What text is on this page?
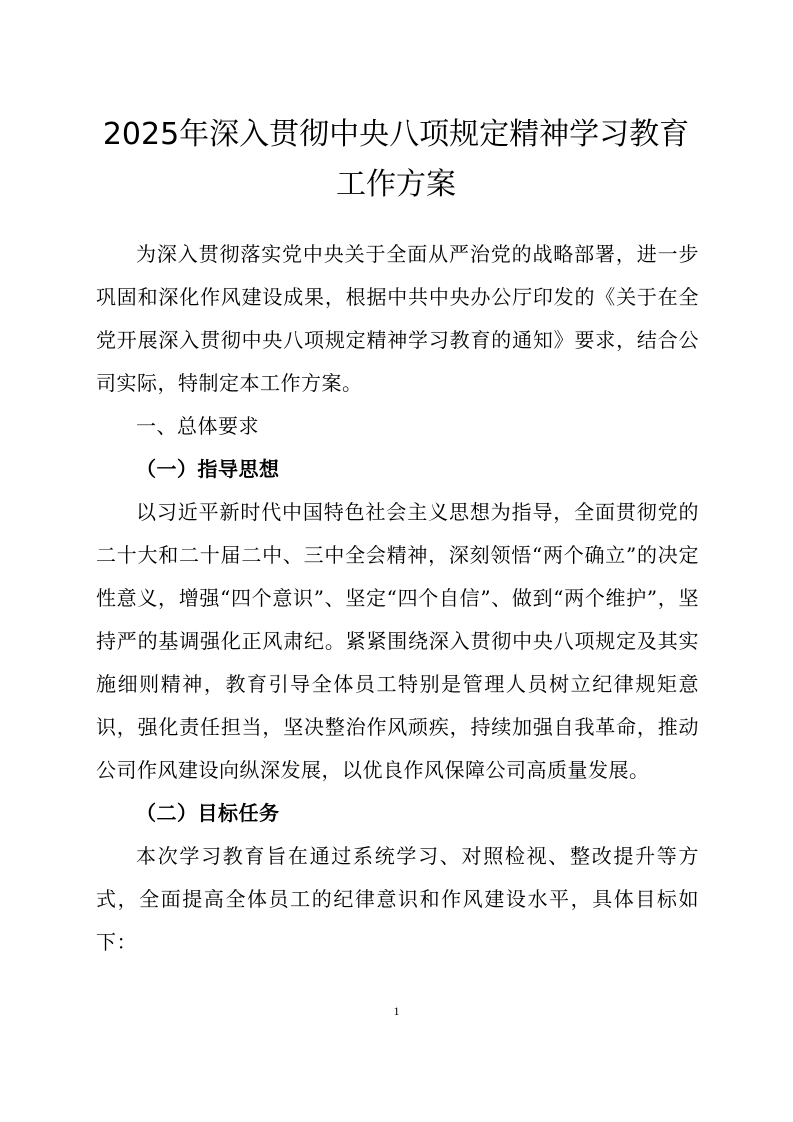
2025年深入贯彻中央八项规定精神学习教育工作方案

为深入贯彻落实党中央关于全面从严治党的战略部署，进一步巩固和深化作风建设成果，根据中共中央办公厅印发的《关于在全党开展深入贯彻中央八项规定精神学习教育的通知》要求，结合公司实际，特制定本工作方案。

一、总体要求

（一）指导思想

以习近平新时代中国特色社会主义思想为指导，全面贯彻党的二十大和二十届二中、三中全会精神，深刻领悟“两个确立”的决定性意义，增强“四个意识”、坚定“四个自信”、做到“两个维护”，坚持严的基调强化正风肃纪。紧紧围绕深入贯彻中央八项规定及其实施细则精神，教育引导全体员工特别是管理人员树立纪律规矩意识，强化责任担当，坚决整治作风顽疾，持续加强自我革命，推动公司作风建设向纵深发展，以优良作风保障公司高质量发展。

（二）目标任务

本次学习教育旨在通过系统学习、对照检视、整改提升等方式，全面提高全体员工的纪律意识和作风建设水平，具体目标如下：

1
